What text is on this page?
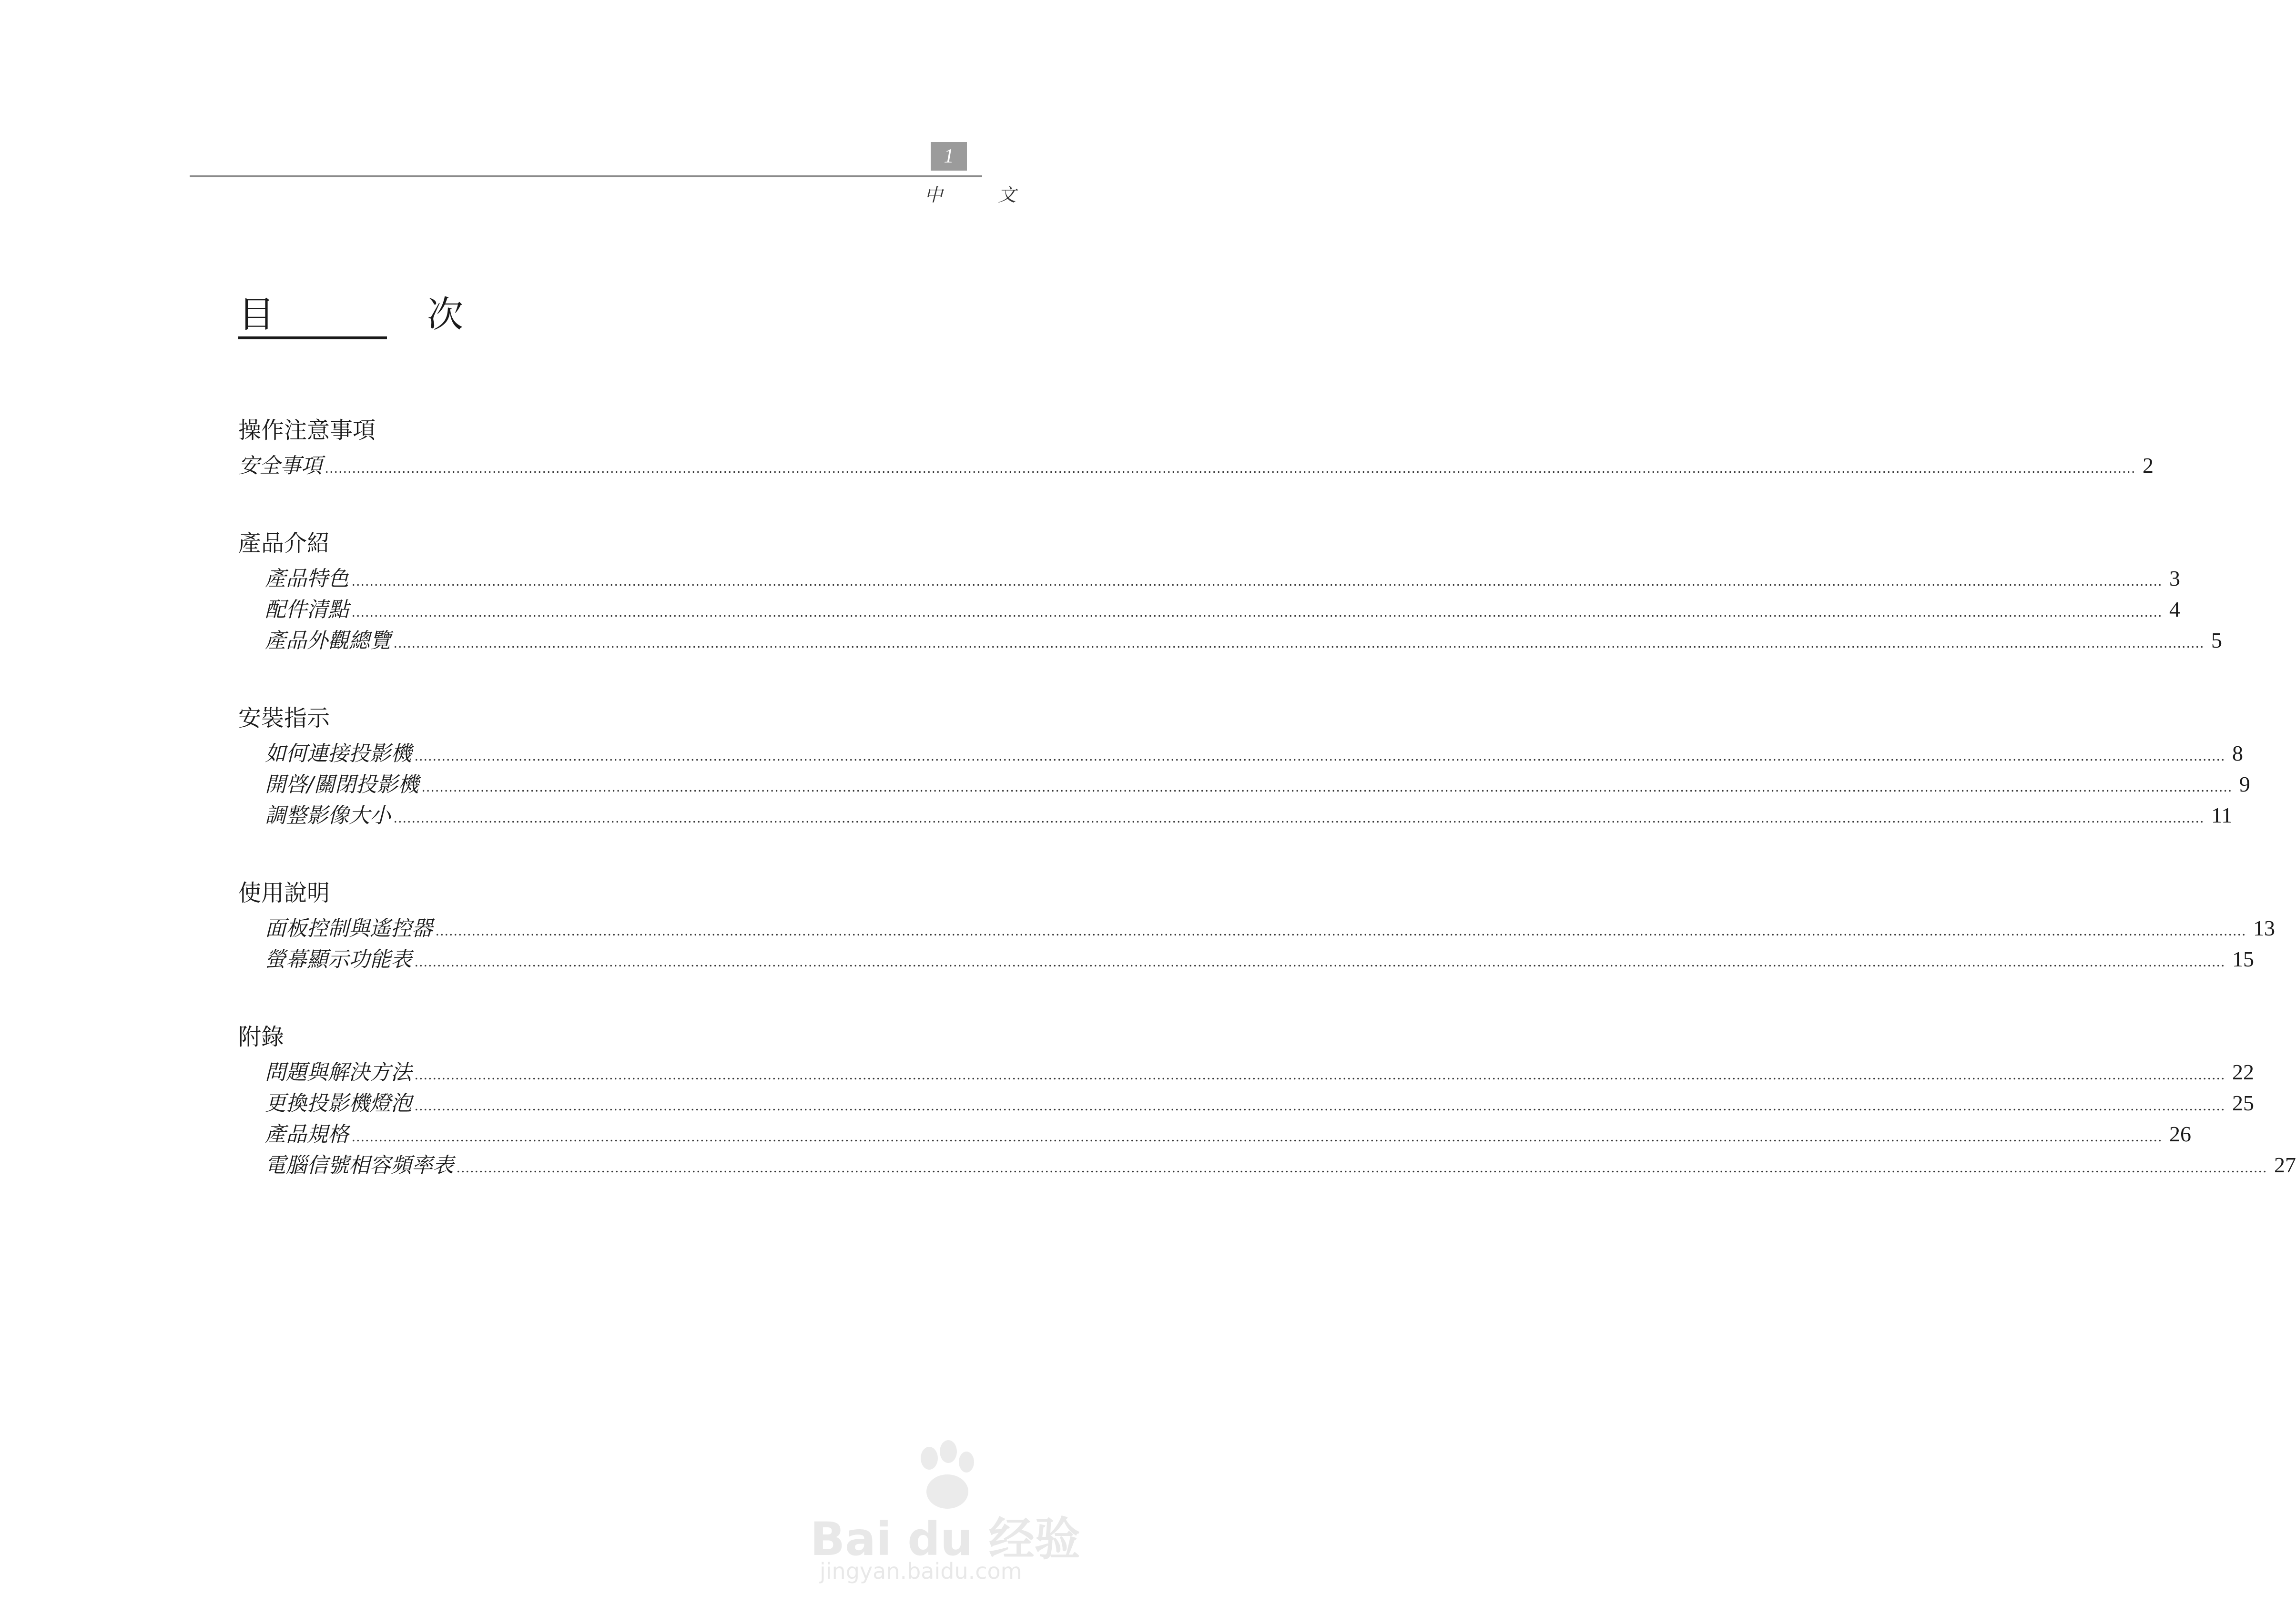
1
中 文
目 次
操作注意事項
安全事項 ................................................................................................................................................................................................................................................................................................................................................................................................................ 2
產品介紹
產品特色 ................................................................................................................................................................................................................................................................................................................................................................................................................ 3
配件清點 ................................................................................................................................................................................................................................................................................................................................................................................................................ 4
產品外觀總覽 ................................................................................................................................................................................................................................................................................................................................................................................................................ 5
安裝指示
如何連接投影機 ................................................................................................................................................................................................................................................................................................................................................................................................................ 8
開啓/關閉投影機 ................................................................................................................................................................................................................................................................................................................................................................................................................ 9
調整影像大小 ................................................................................................................................................................................................................................................................................................................................................................................................................ 11
使用說明
面板控制與遙控器 ................................................................................................................................................................................................................................................................................................................................................................................................................ 13
螢幕顯示功能表 ................................................................................................................................................................................................................................................................................................................................................................................................................ 15
附錄
問題與解決方法 ................................................................................................................................................................................................................................................................................................................................................................................................................ 22
更換投影機燈泡 ................................................................................................................................................................................................................................................................................................................................................................................................................ 25
產品規格 ................................................................................................................................................................................................................................................................................................................................................................................................................ 26
電腦信號相容頻率表 ................................................................................................................................................................................................................................................................................................................................................................................................................ 27
Bai du 经验
jingyan.baidu.com
